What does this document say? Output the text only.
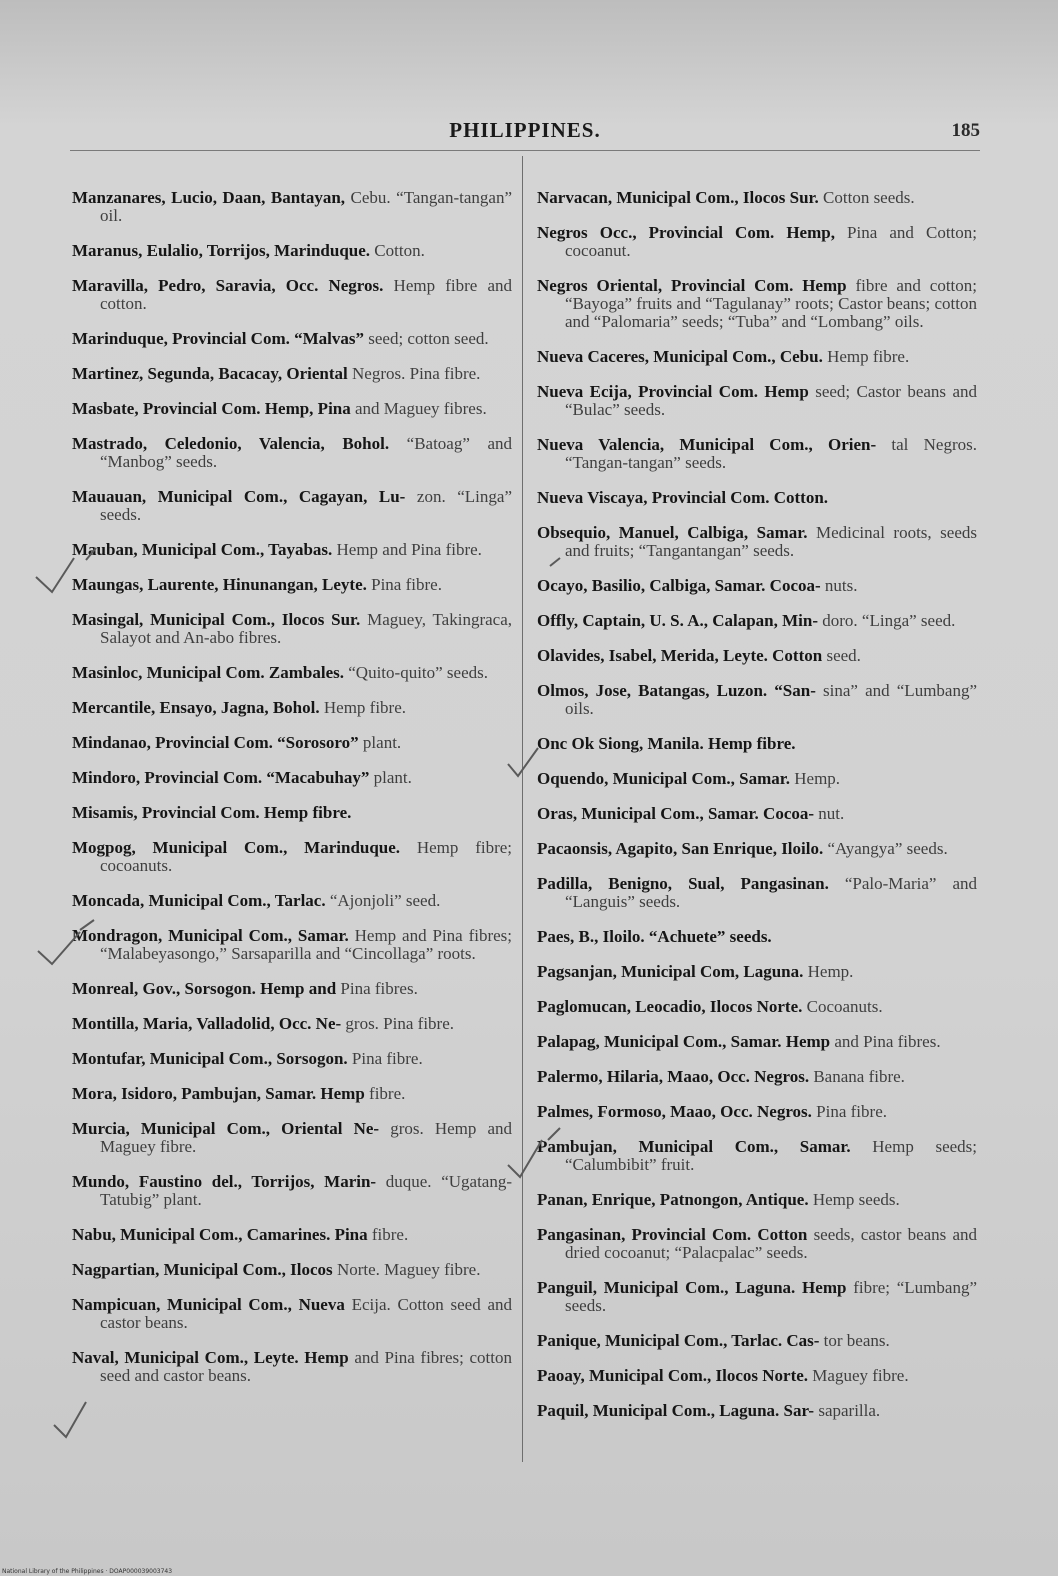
PHILIPPINES.	185

Manzanares, Lucio, Daan, Bantayan, Cebu. “Tangan-tangan” oil.

Maranus, Eulalio, Torrijos, Marinduque. Cotton.

Maravilla, Pedro, Saravia, Occ. Negros. Hemp fibre and cotton.

Marinduque, Provincial Com. “Malvas” seed; cotton seed.

Martinez, Segunda, Bacacay, Oriental Negros. Pina fibre.

Masbate, Provincial Com. Hemp, Pina and Maguey fibres.

Mastrado, Celedonio, Valencia, Bohol. “Batoag” and “Manbog” seeds.

Mauauan, Municipal Com., Cagayan, Lu- zon. “Linga” seeds.

Mauban, Municipal Com., Tayabas. Hemp and Pina fibre.

Maungas, Laurente, Hinunangan, Leyte. Pina fibre.

Masingal, Municipal Com., Ilocos Sur. Maguey, Takingraca, Salayot and An-abo fibres.

Masinloc, Municipal Com. Zambales. “Quito-quito” seeds.

Mercantile, Ensayo, Jagna, Bohol. Hemp fibre.

Mindanao, Provincial Com. “Sorosoro” plant.

Mindoro, Provincial Com. “Macabuhay” plant.

Misamis, Provincial Com. Hemp fibre.

Mogpog, Municipal Com., Marinduque. Hemp fibre; cocoanuts.

Moncada, Municipal Com., Tarlac. “Ajonjoli” seed.

Mondragon, Municipal Com., Samar. Hemp and Pina fibres; “Malabeyasongo,” Sarsaparilla and “Cincollaga” roots.

Monreal, Gov., Sorsogon. Hemp and Pina fibres.

Montilla, Maria, Valladolid, Occ. Ne- gros. Pina fibre.

Montufar, Municipal Com., Sorsogon. Pina fibre.

Mora, Isidoro, Pambujan, Samar. Hemp fibre.

Murcia, Municipal Com., Oriental Ne- gros. Hemp and Maguey fibre.

Mundo, Faustino del., Torrijos, Marin- duque. “Ugatang-Tatubig” plant.

Nabu, Municipal Com., Camarines. Pina fibre.

Nagpartian, Municipal Com., Ilocos Norte. Maguey fibre.

Nampicuan, Municipal Com., Nueva Ecija. Cotton seed and castor beans.

Naval, Municipal Com., Leyte. Hemp and Pina fibres; cotton seed and castor beans.

Narvacan, Municipal Com., Ilocos Sur. Cotton seeds.

Negros Occ., Provincial Com. Hemp, Pina and Cotton; cocoanut.

Negros Oriental, Provincial Com. Hemp fibre and cotton; “Bayoga” fruits and “Tagulanay” roots; Castor beans; cotton and “Palomaria” seeds; “Tuba” and “Lombang” oils.

Nueva Caceres, Municipal Com., Cebu. Hemp fibre.

Nueva Ecija, Provincial Com. Hemp seed; Castor beans and “Bulac” seeds.

Nueva Valencia, Municipal Com., Orien- tal Negros. “Tangan-tangan” seeds.

Nueva Viscaya, Provincial Com. Cotton.

Obsequio, Manuel, Calbiga, Samar. Medicinal roots, seeds and fruits; “Tangantangan” seeds.

Ocayo, Basilio, Calbiga, Samar. Cocoa- nuts.

Offly, Captain, U. S. A., Calapan, Min- doro. “Linga” seed.

Olavides, Isabel, Merida, Leyte. Cotton seed.

Olmos, Jose, Batangas, Luzon. “San- sina” and “Lumbang” oils.

Onc Ok Siong, Manila. Hemp fibre.

Oquendo, Municipal Com., Samar. Hemp.

Oras, Municipal Com., Samar. Cocoa- nut.

Pacaonsis, Agapito, San Enrique, Iloilo. “Ayangya” seeds.

Padilla, Benigno, Sual, Pangasinan. “Palo-Maria” and “Languis” seeds.

Paes, B., Iloilo. “Achuete” seeds.

Pagsanjan, Municipal Com, Laguna. Hemp.

Paglomucan, Leocadio, Ilocos Norte. Cocoanuts.

Palapag, Municipal Com., Samar. Hemp and Pina fibres.

Palermo, Hilaria, Maao, Occ. Negros. Banana fibre.

Palmes, Formoso, Maao, Occ. Negros. Pina fibre.

Pambujan, Municipal Com., Samar. Hemp seeds; “Calumbibit” fruit.

Panan, Enrique, Patnongon, Antique. Hemp seeds.

Pangasinan, Provincial Com. Cotton seeds, castor beans and dried cocoanut; “Palacpalac” seeds.

Panguil, Municipal Com., Laguna. Hemp fibre; “Lumbang” seeds.

Panique, Municipal Com., Tarlac. Cas- tor beans.

Paoay, Municipal Com., Ilocos Norte. Maguey fibre.

Paquil, Municipal Com., Laguna. Sar- saparilla.

National Library of the Philippines · DOAP000039003743
